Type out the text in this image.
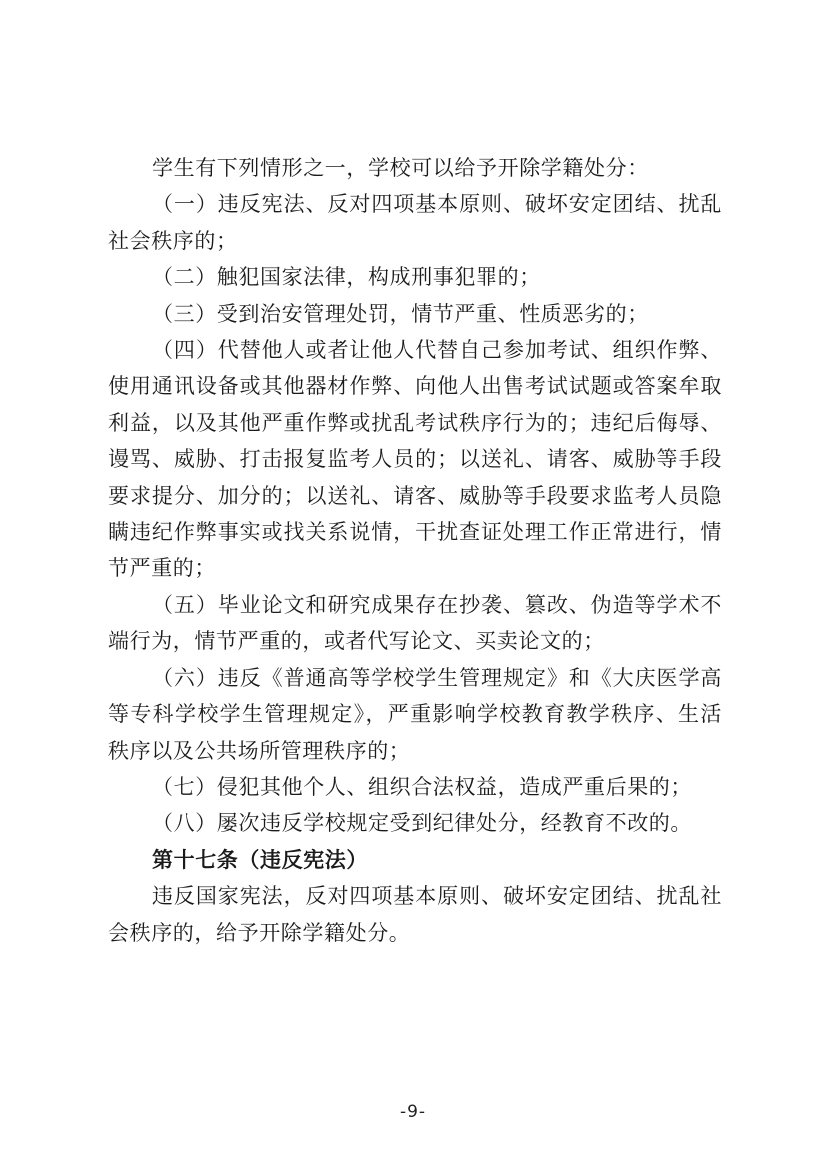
学生有下列情形之一，学校可以给予开除学籍处分：

（一）违反宪法、反对四项基本原则、破坏安定团结、扰乱社会秩序的；

（二）触犯国家法律，构成刑事犯罪的；

（三）受到治安管理处罚，情节严重、性质恶劣的；

（四）代替他人或者让他人代替自己参加考试、组织作弊、使用通讯设备或其他器材作弊、向他人出售考试试题或答案牟取利益，以及其他严重作弊或扰乱考试秩序行为的；违纪后侮辱、谩骂、威胁、打击报复监考人员的；以送礼、请客、威胁等手段要求提分、加分的；以送礼、请客、威胁等手段要求监考人员隐瞒违纪作弊事实或找关系说情，干扰查证处理工作正常进行，情节严重的；

（五）毕业论文和研究成果存在抄袭、篡改、伪造等学术不端行为，情节严重的，或者代写论文、买卖论文的；

（六）违反《普通高等学校学生管理规定》和《大庆医学高等专科学校学生管理规定》，严重影响学校教育教学秩序、生活秩序以及公共场所管理秩序的；

（七）侵犯其他个人、组织合法权益，造成严重后果的；

（八）屡次违反学校规定受到纪律处分，经教育不改的。

第十七条（违反宪法）

违反国家宪法，反对四项基本原则、破坏安定团结、扰乱社会秩序的，给予开除学籍处分。

-9-
